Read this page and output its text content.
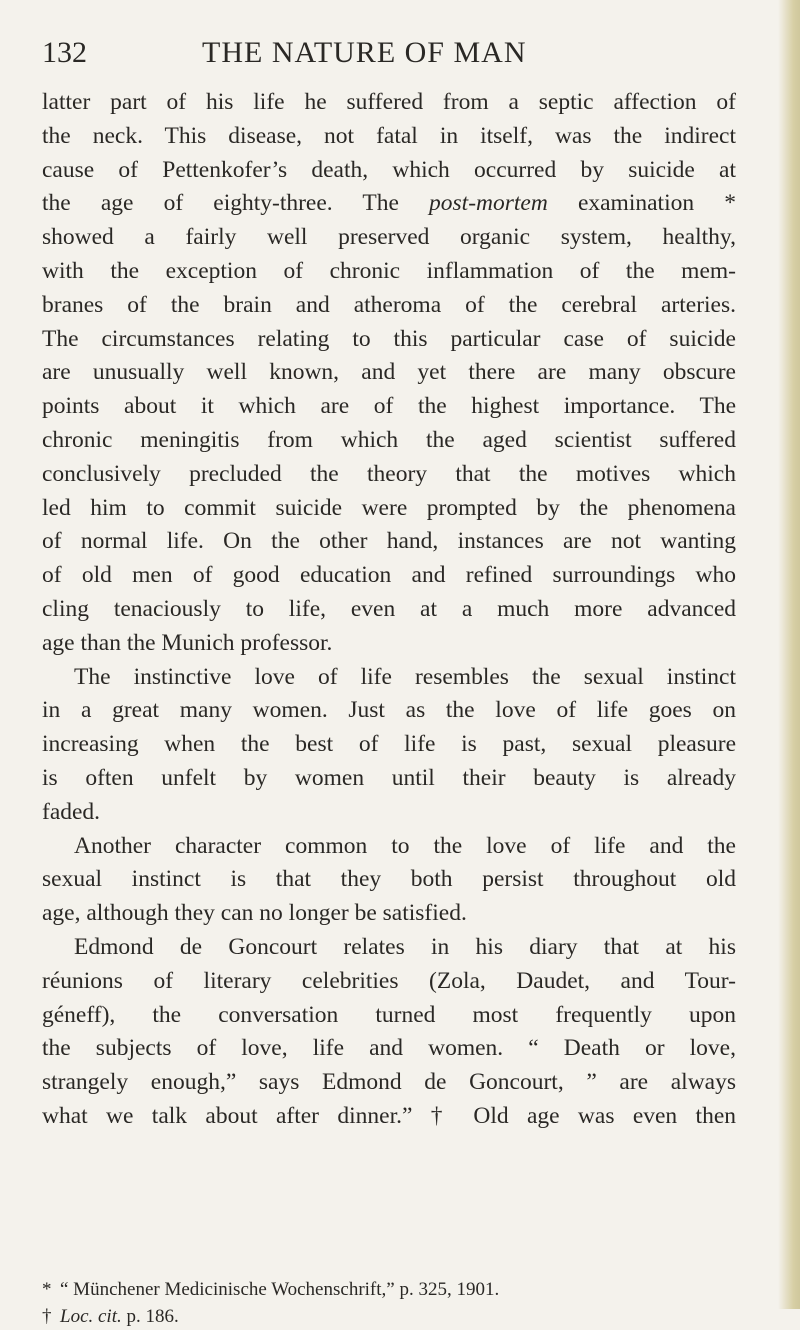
132	THE NATURE OF MAN
latter part of his life he suffered from a septic affection of
the neck. This disease, not fatal in itself, was the indirect
cause of Pettenkofer’s death, which occurred by suicide at
the age of eighty-three. The post-mortem examination *
showed a fairly well preserved organic system, healthy,
with the exception of chronic inflammation of the mem-
branes of the brain and atheroma of the cerebral arteries.
The circumstances relating to this particular case of suicide
are unusually well known, and yet there are many obscure
points about it which are of the highest importance. The
chronic meningitis from which the aged scientist suffered
conclusively precluded the theory that the motives which
led him to commit suicide were prompted by the phenomena
of normal life. On the other hand, instances are not wanting
of old men of good education and refined surroundings who
cling tenaciously to life, even at a much more advanced
age than the Munich professor.
The instinctive love of life resembles the sexual instinct
in a great many women. Just as the love of life goes on
increasing when the best of life is past, sexual pleasure
is often unfelt by women until their beauty is already
faded.
Another character common to the love of life and the
sexual instinct is that they both persist throughout old
age, although they can no longer be satisfied.
Edmond de Goncourt relates in his diary that at his
réunions of literary celebrities (Zola, Daudet, and Tour-
géneff), the conversation turned most frequently upon
the subjects of love, life and women. “ Death or love,
strangely enough,” says Edmond de Goncourt, ” are always
what we talk about after dinner.” † Old age was even then
* “ Münchener Medicinische Wochenschrift,” p. 325, 1901.
† Loc. cit. p. 186.
